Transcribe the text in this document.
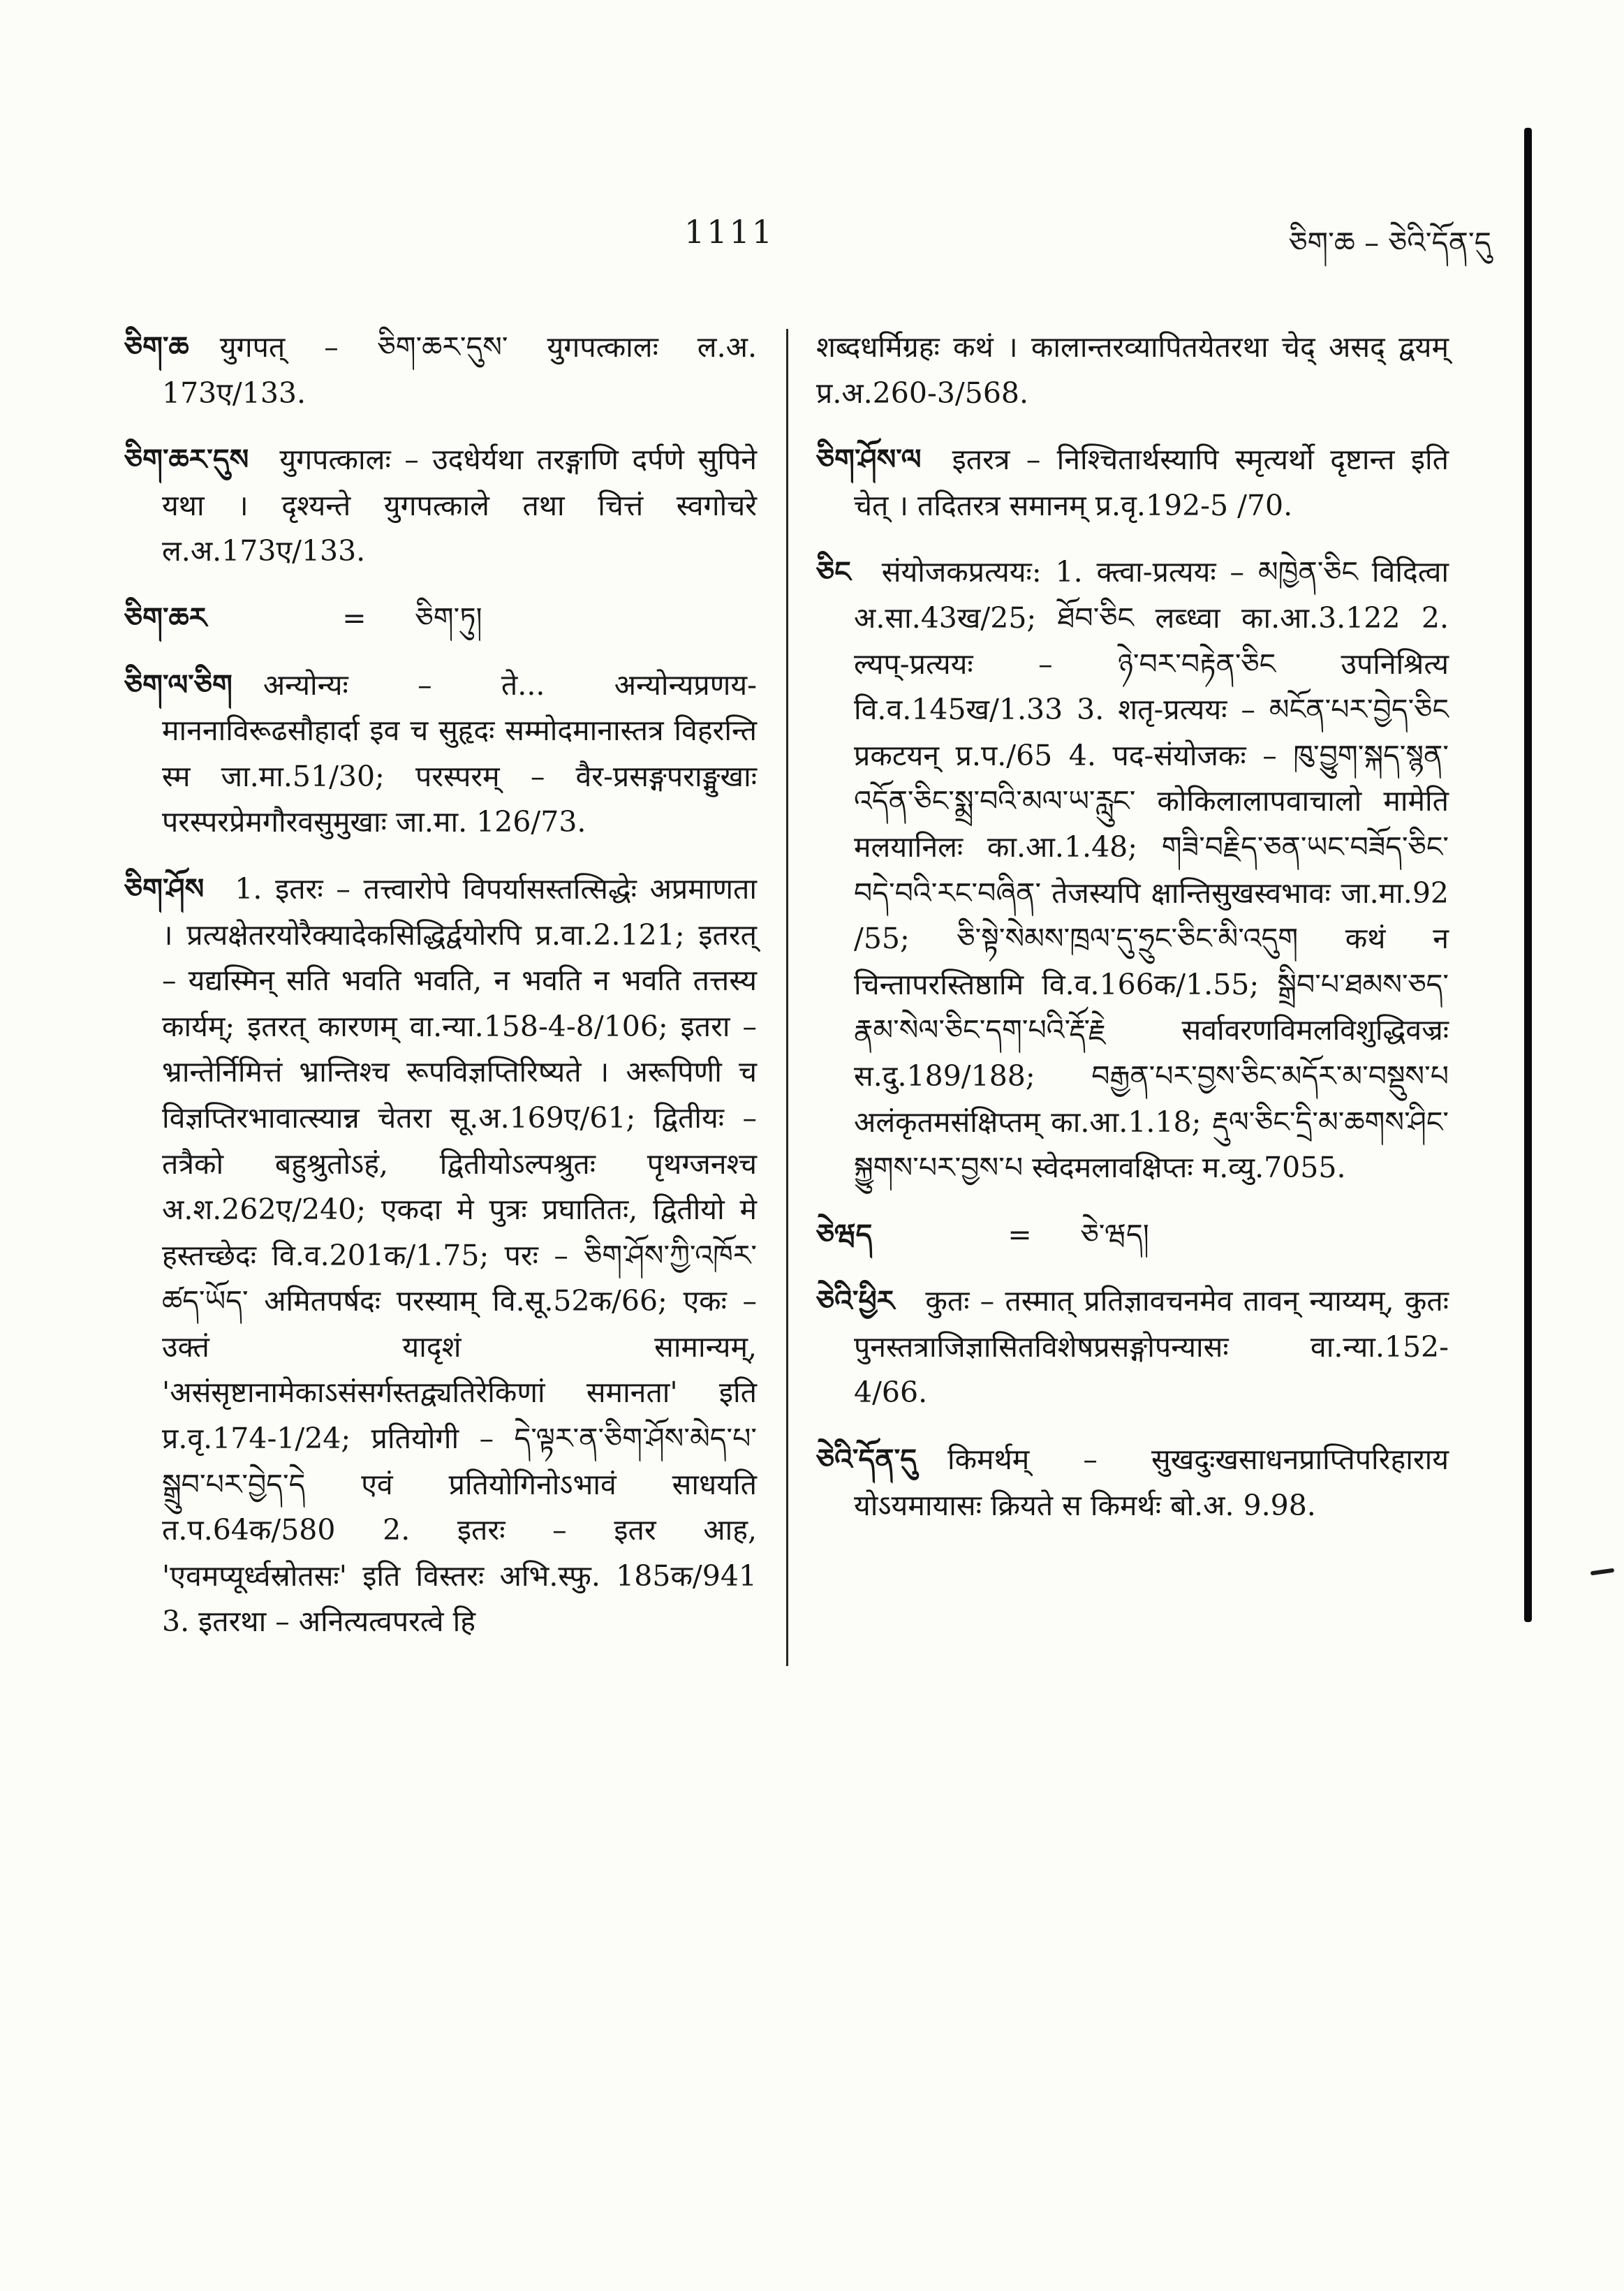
1111	ཅིག་ཆ – ཅེའི་དོན་དུ

ཅིག་ཆ युगपत् – ཅིག་ཆར་དུས་ युगपत्कालः ल.अ. 173ए/133.

ཅིག་ཆར་དུས युगपत्कालः – उदधेर्यथा तरङ्गाणि दर्पणे सुपिने यथा । दृश्यन्ते युगपत्काले तथा चित्तं स्वगोचरे ल.अ.173ए/133.

ཅིག་ཆར	= ཅིག་ཏུ།

ཅིག་ལ་ཅིག अन्योन्यः – ते... अन्योन्यप्रणय-माननाविरूढसौहार्दा इव च सुहृदः सम्मोदमानास्तत्र विहरन्ति स्म जा.मा.51/30; परस्परम् – वैर-प्रसङ्गपराङ्मुखाः परस्परप्रेमगौरवसुमुखाः जा.मा. 126/73.

ཅིག་ཤོས 1. इतरः – तत्त्वारोपे विपर्यासस्तत्सिद्धेः अप्रमाणता । प्रत्यक्षेतरयोरैक्यादेकसिद्धिर्द्वयोरपि प्र.वा.2.121; इतरत् – यद्यस्मिन् सति भवति भवति, न भवति न भवति तत्तस्य कार्यम्; इतरत् कारणम् वा.न्या.158-4-8/106; इतरा – भ्रान्तेर्निमित्तं भ्रान्तिश्च रूपविज्ञप्तिरिष्यते । अरूपिणी च विज्ञप्तिरभावात्स्यान्न चेतरा सू.अ.169ए/61; द्वितीयः – तत्रैको बहुश्रुतोऽहं, द्वितीयोऽल्पश्रुतः पृथग्जनश्च अ.श.262ए/240; एकदा मे पुत्रः प्रघातितः, द्वितीयो मे हस्तच्छेदः वि.व.201क/1.75; परः – ཅིག་ཤོས་ཀྱི་འཁོར་ཚད་ཡོད་ अमितपर्षदः परस्याम् वि.सू.52क/66; एकः – उक्तं यादृशं सामान्यम्, 'असंसृष्टानामेकाऽसंसर्गस्तद्व्यतिरेकिणां समानता' इति प्र.वृ.174-1/24; प्रतियोगी – དེ་ལྟར་ན་ཅིག་ཤོས་མེད་པ་སྒྲུབ་པར་བྱེད་དེ एवं प्रतियोगिनोऽभावं साधयति त.प.64क/580 2. इतरः – इतर आह, 'एवमप्यूर्ध्वस्रोतसः' इति विस्तरः अभि.स्फु. 185क/941 3. इतरथा – अनित्यत्वपरत्वे हि

शब्दधर्मिग्रहः कथं । कालान्तरव्यापितयेतरथा चेद् असद् द्वयम् प्र.अ.260-3/568.

ཅིག་ཤོས་ལ इतरत्र – निश्चितार्थस्यापि स्मृत्यर्थो दृष्टान्त इति चेत् । तदितरत्र समानम् प्र.वृ.192-5 /70.

ཅིང संयोजकप्रत्ययः: 1. क्त्वा-प्रत्ययः – མཁྱེན་ཅིང विदित्वा अ.सा.43ख/25; ཐོབ་ཅིང लब्ध्वा का.आ.3.122 2. ल्यप्-प्रत्ययः – ཉེ་བར་བརྟེན་ཅིང उपनिश्रित्य वि.व.145ख/1.33 3. शतृ-प्रत्ययः – མངོན་པར་བྱེད་ཅིང प्रकटयन् प्र.प./65 4. पद-संयोजकः – ཁུ་བྱུག་སྐད་སྙན་འདོན་ཅིང་སྨྲ་བའི་མལ་ཡ་རླུང་ कोकिलालापवाचालो मामेति मलयानिलः का.आ.1.48; གཟི་བརྗིད་ཅན་ཡང་བཟོད་ཅིང་བདེ་བའི་རང་བཞིན་ तेजस्यपि क्षान्तिसुखस्वभावः जा.मा.92 /55; ཅི་སྟེ་སེམས་ཁྲལ་དུ་ཧྲུང་ཅིང་མི་འདུག कथं न चिन्तापरस्तिष्ठामि वि.व.166क/1.55; སྒྲིབ་པ་ཐམས་ཅད་རྣམ་སེལ་ཅིང་དག་པའི་རྡོ་རྗེ सर्वावरणविमलविशुद्धिवज्रः स.दु.189/188; བརྒྱན་པར་བྱས་ཅིང་མདོར་མ་བསྡུས་པ अलंकृतमसंक्षिप्तम् का.आ.1.18; རྡུལ་ཅིང་དྲི་མ་ཆགས་ཤིང་སྐྱུགས་པར་བྱས་པ स्वेदमलावक्षिप्तः म.व्यु.7055.

ཅེཝད	= ཅེ་ཝད།

ཅེའི་ཕྱིར कुतः – तस्मात् प्रतिज्ञावचनमेव तावन् न्याय्यम्, कुतः पुनस्तत्राजिज्ञासितविशेषप्रसङ्गोपन्यासः वा.न्या.152-4/66.

ཅེའི་དོན་དུ किमर्थम् – सुखदुःखसाधनप्राप्तिपरिहाराय योऽयमायासः क्रियते स किमर्थः बो.अ. 9.98.
